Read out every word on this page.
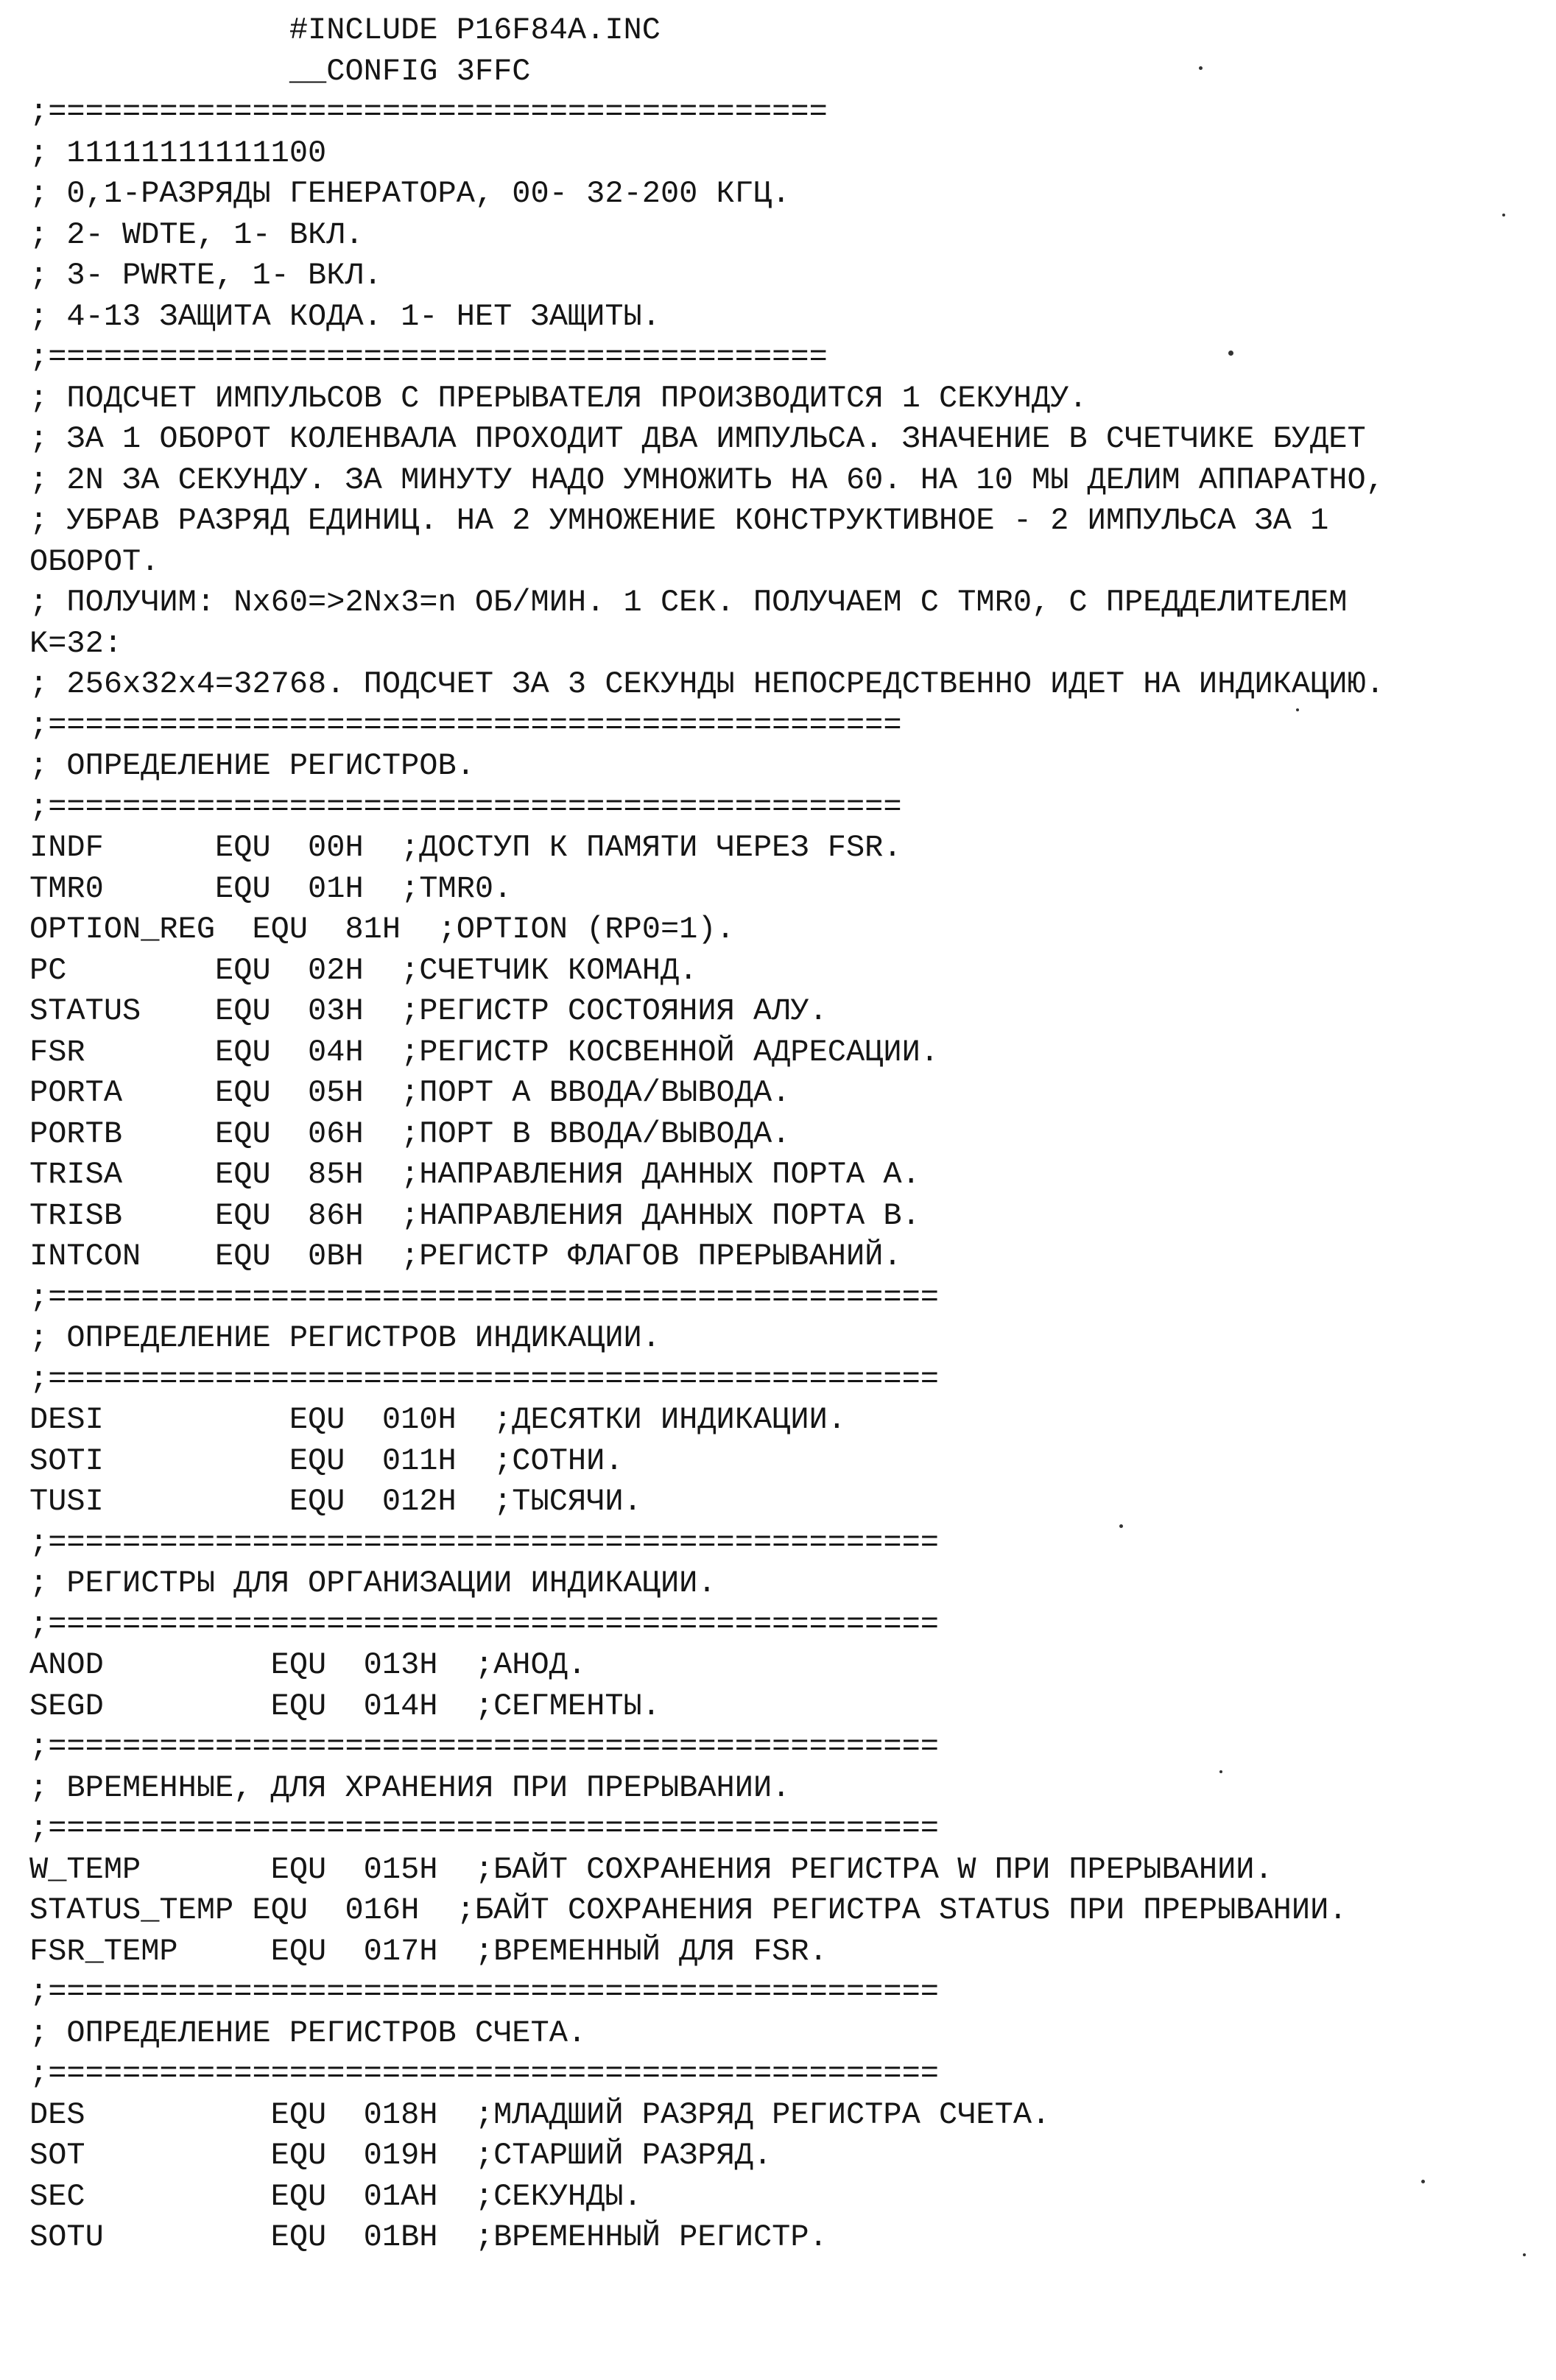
#INCLUDE P16F84A.INC
__CONFIG 3FFC
;==========================================
; 11111111111100
; 0,1-РАЗРЯДЫ ГЕНЕРАТОРА, 00- 32-200 КГЦ.
; 2- WDTE, 1- ВКЛ.
; 3- PWRTE, 1- ВКЛ.
; 4-13 ЗАЩИТА КОДА. 1- НЕТ ЗАЩИТЫ.
;==========================================
; ПОДСЧЕТ ИМПУЛЬСОВ С ПРЕРЫВАТЕЛЯ ПРОИЗВОДИТСЯ 1 СЕКУНДУ.
; ЗА 1 ОБОРОТ КОЛЕНВАЛА ПРОХОДИТ ДВА ИМПУЛЬСА. ЗНАЧЕНИЕ В СЧЕТЧИКЕ БУДЕТ
; 2N ЗА СЕКУНДУ. ЗА МИНУТУ НАДО УМНОЖИТЬ НА 60. НА 10 МЫ ДЕЛИМ АППАРАТНО,
; УБРАВ РАЗРЯД ЕДИНИЦ. НА 2 УМНОЖЕНИЕ КОНСТРУКТИВНОЕ - 2 ИМПУЛЬСА ЗА 1
ОБОРОТ.
; ПОЛУЧИМ: Nx60=>2Nx3=n ОБ/МИН. 1 СЕК. ПОЛУЧАЕМ С TMR0, С ПРЕДДЕЛИТЕЛЕМ
K=32:
; 256x32x4=32768. ПОДСЧЕТ ЗА 3 СЕКУНДЫ НЕПОСРЕДСТВЕННО ИДЕТ НА ИНДИКАЦИЮ.
;==============================================
; ОПРЕДЕЛЕНИЕ РЕГИСТРОВ.
;==============================================
INDF      EQU  00H  ;ДОСТУП К ПАМЯТИ ЧЕРЕЗ FSR.
TMR0      EQU  01H  ;TMR0.
OPTION_REG  EQU  81H  ;OPTION (RP0=1).
PC        EQU  02H  ;СЧЕТЧИК КОМАНД.
STATUS    EQU  03H  ;РЕГИСТР СОСТОЯНИЯ АЛУ.
FSR       EQU  04H  ;РЕГИСТР КОСВЕННОЙ АДРЕСАЦИИ.
PORTA     EQU  05H  ;ПОРТ А ВВОДА/ВЫВОДА.
PORTB     EQU  06H  ;ПОРТ В ВВОДА/ВЫВОДА.
TRISA     EQU  85H  ;НАПРАВЛЕНИЯ ДАННЫХ ПОРТА А.
TRISB     EQU  86H  ;НАПРАВЛЕНИЯ ДАННЫХ ПОРТА В.
INTCON    EQU  0BH  ;РЕГИСТР ФЛАГОВ ПРЕРЫВАНИЙ.
;================================================
; ОПРЕДЕЛЕНИЕ РЕГИСТРОВ ИНДИКАЦИИ.
;================================================
DESI          EQU  010H  ;ДЕСЯТКИ ИНДИКАЦИИ.
SOTI          EQU  011H  ;СОТНИ.
TUSI          EQU  012H  ;ТЫСЯЧИ.
;================================================
; РЕГИСТРЫ ДЛЯ ОРГАНИЗАЦИИ ИНДИКАЦИИ.
;================================================
ANOD         EQU  013H  ;АНОД.
SEGD         EQU  014H  ;СЕГМЕНТЫ.
;================================================
; ВРЕМЕННЫЕ, ДЛЯ ХРАНЕНИЯ ПРИ ПРЕРЫВАНИИ.
;================================================
W_TEMP       EQU  015H  ;БАЙТ СОХРАНЕНИЯ РЕГИСТРА W ПРИ ПРЕРЫВАНИИ.
STATUS_TEMP EQU  016H  ;БАЙТ СОХРАНЕНИЯ РЕГИСТРА STATUS ПРИ ПРЕРЫВАНИИ.
FSR_TEMP     EQU  017H  ;ВРЕМЕННЫЙ ДЛЯ FSR.
;================================================
; ОПРЕДЕЛЕНИЕ РЕГИСТРОВ СЧЕТА.
;================================================
DES          EQU  018H  ;МЛАДШИЙ РАЗРЯД РЕГИСТРА СЧЕТА.
SOT          EQU  019H  ;СТАРШИЙ РАЗРЯД.
SEC          EQU  01AH  ;СЕКУНДЫ.
SOTU         EQU  01BH  ;ВРЕМЕННЫЙ РЕГИСТР.
